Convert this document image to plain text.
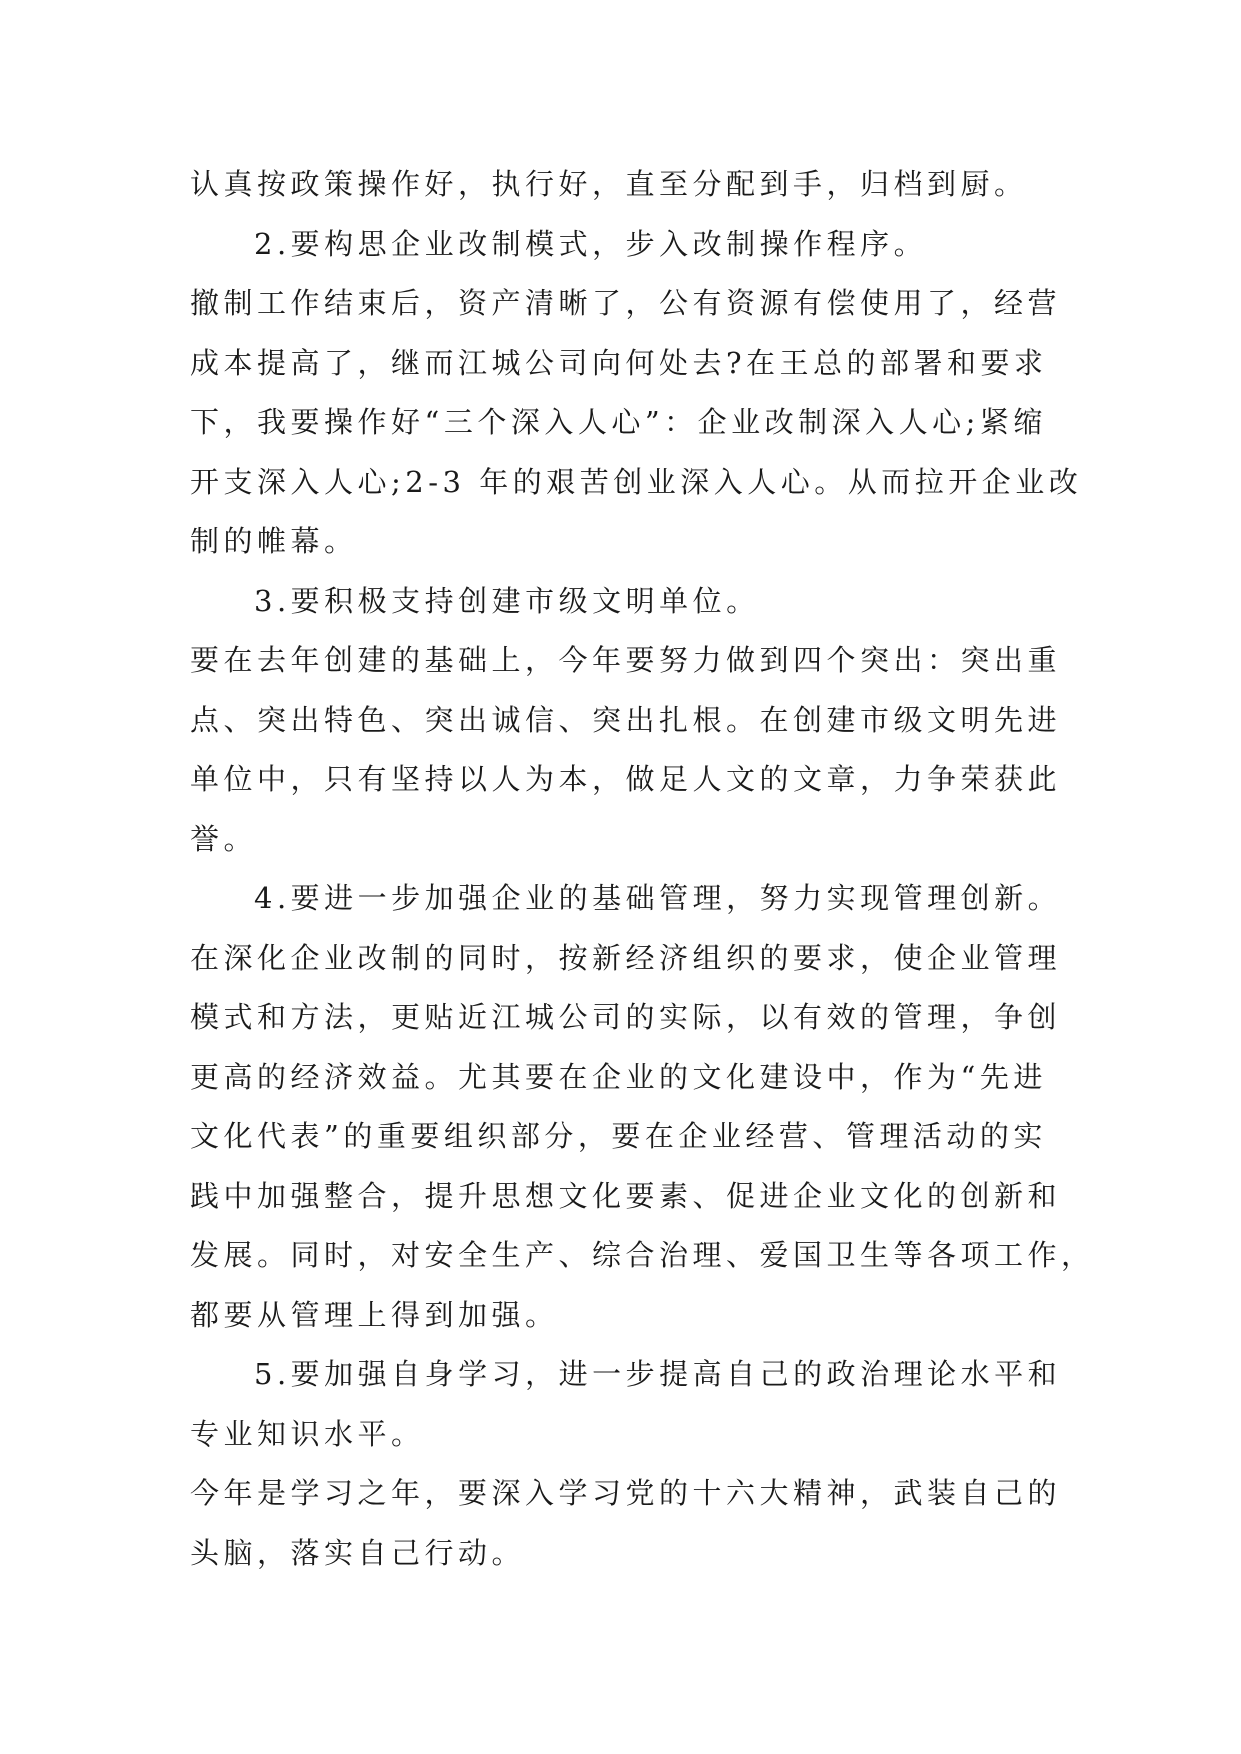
认真按政策操作好，执行好，直至分配到手，归档到厨。
2.要构思企业改制模式，步入改制操作程序。
撤制工作结束后，资产清晰了，公有资源有偿使用了，经营
成本提高了，继而江城公司向何处去?在王总的部署和要求
下，我要操作好“三个深入人心”：企业改制深入人心;紧缩
开支深入人心;2-3 年的艰苦创业深入人心。从而拉开企业改
制的帷幕。
3.要积极支持创建市级文明单位。
要在去年创建的基础上，今年要努力做到四个突出：突出重
点、突出特色、突出诚信、突出扎根。在创建市级文明先进
单位中，只有坚持以人为本，做足人文的文章，力争荣获此
誉。
4.要进一步加强企业的基础管理，努力实现管理创新。
在深化企业改制的同时，按新经济组织的要求，使企业管理
模式和方法，更贴近江城公司的实际，以有效的管理，争创
更高的经济效益。尤其要在企业的文化建设中，作为“先进
文化代表”的重要组织部分，要在企业经营、管理活动的实
践中加强整合，提升思想文化要素、促进企业文化的创新和
发展。同时，对安全生产、综合治理、爱国卫生等各项工作，
都要从管理上得到加强。
5.要加强自身学习，进一步提高自己的政治理论水平和
专业知识水平。
今年是学习之年，要深入学习党的十六大精神，武装自己的
头脑，落实自己行动。
